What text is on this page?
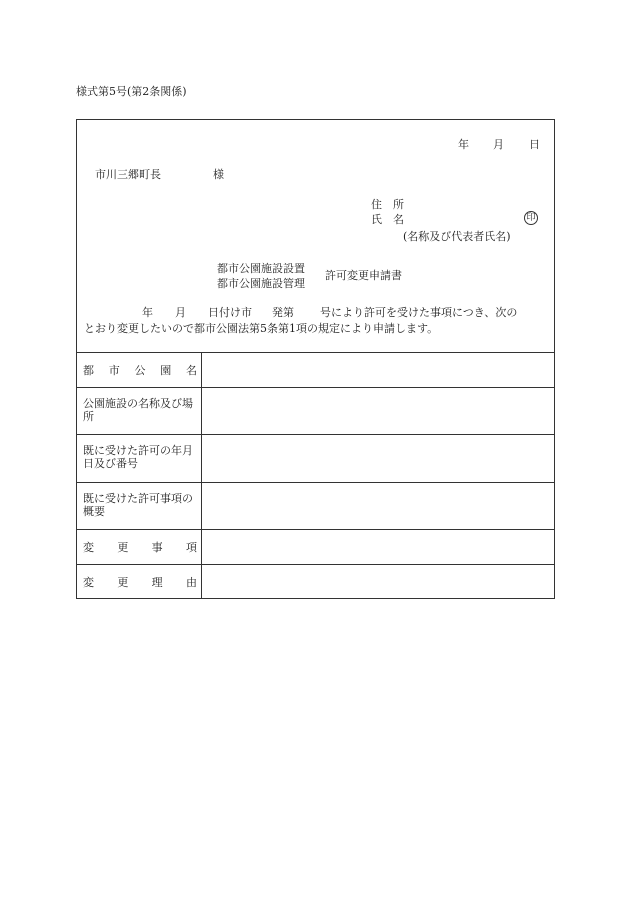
様式第5号(第2条関係)
年 月 日
市川三郷町長	様
住 所
氏 名	印
(名称及び代表者氏名)
都市公園施設設置
都市公園施設管理
許可変更申請書
年 月 日付け市 発第 号により許可を受けた事項につき、次の
とおり変更したいので都市公園法第5条第1項の規定により申請します。
都 市 公 園 名
公園施設の名称及び場所
既に受けた許可の年月日及び番号
既に受けた許可事項の概要
変 更 事 項
変 更 理 由
